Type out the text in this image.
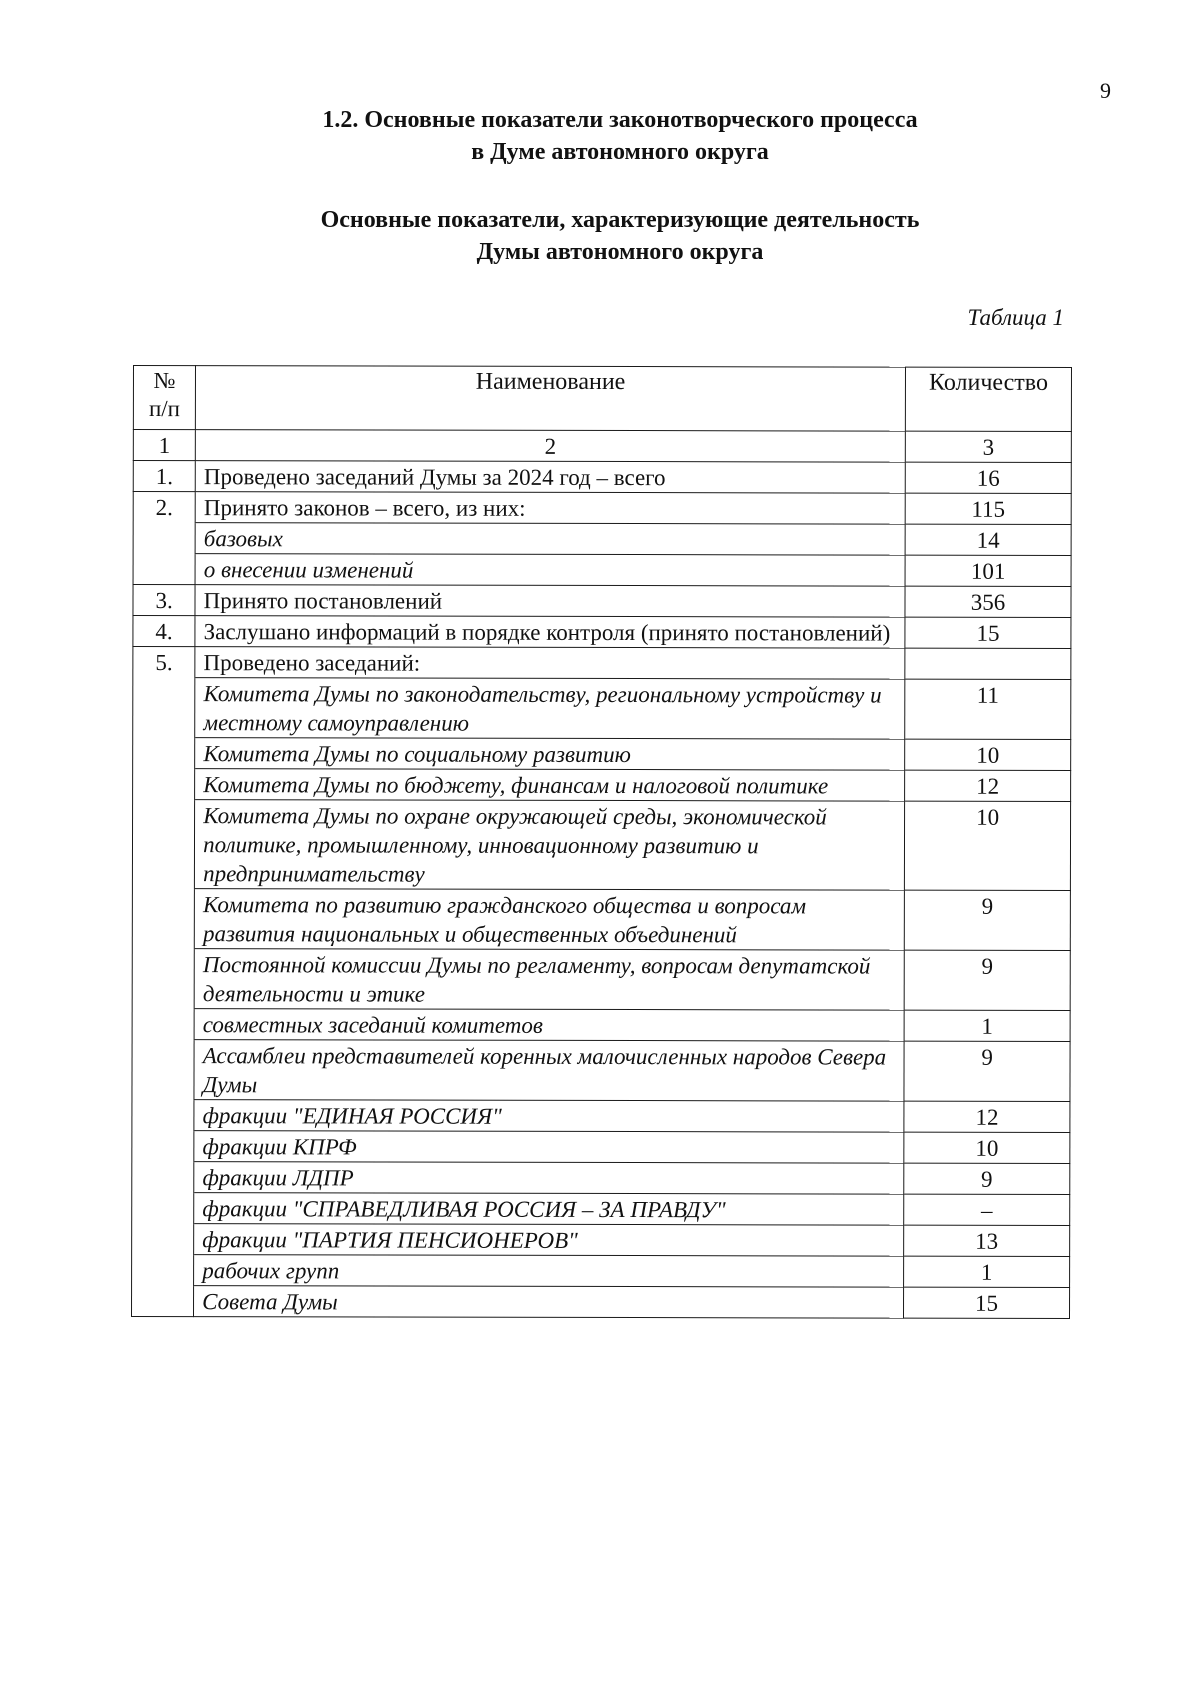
9
1.2. Основные показатели законотворческого процесса
в Думе автономного округа
Основные показатели, характеризующие деятельность
Думы автономного округа
Таблица 1
№ п/п	Наименование	Количество
1	2	3
1.	Проведено заседаний Думы за 2024 год – всего	16
2.	Принято законов – всего, из них:	115
	базовых	14
	о внесении изменений	101
3.	Принято постановлений	356
4.	Заслушано информаций в порядке контроля (принято постановлений)	15
5.	Проведено заседаний:	
	Комитета Думы по законодательству, региональному устройству и местному самоуправлению	11
	Комитета Думы по социальному развитию	10
	Комитета Думы по бюджету, финансам и налоговой политике	12
	Комитета Думы по охране окружающей среды, экономической политике, промышленному, инновационному развитию и предпринимательству	10
	Комитета по развитию гражданского общества и вопросам развития национальных и общественных объединений	9
	Постоянной комиссии Думы по регламенту, вопросам депутатской деятельности и этике	9
	совместных заседаний комитетов	1
	Ассамблеи представителей коренных малочисленных народов Севера Думы	9
	фракции "ЕДИНАЯ РОССИЯ"	12
	фракции КПРФ	10
	фракции ЛДПР	9
	фракции "СПРАВЕДЛИВАЯ РОССИЯ – ЗА ПРАВДУ"	–
	фракции "ПАРТИЯ ПЕНСИОНЕРОВ"	13
	рабочих групп	1
	Совета Думы	15
